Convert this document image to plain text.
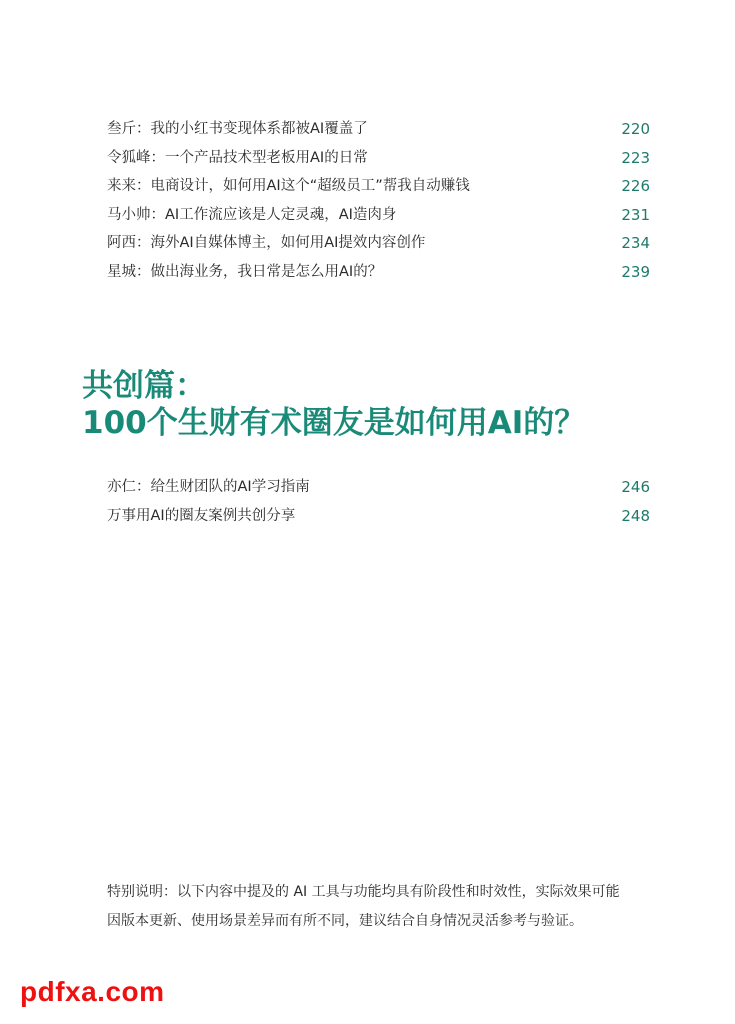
叁斤：我的小红书变现体系都被AI覆盖了	220
令狐峰：一个产品技术型老板用AI的日常	223
来来：电商设计，如何用AI这个“超级员工”帮我自动赚钱	226
马小帅：AI工作流应该是人定灵魂，AI造肉身	231
阿西：海外AI自媒体博主，如何用AI提效内容创作	234
星城：做出海业务，我日常是怎么用AI的？	239
共创篇：
100个生财有术圈友是如何用AI的？
亦仁：给生财团队的AI学习指南	246
万事用AI的圈友案例共创分享	248
特别说明：以下内容中提及的 AI 工具与功能均具有阶段性和时效性，实际效果可能
因版本更新、使用场景差异而有所不同，建议结合自身情况灵活参考与验证。
pdfxa.com
